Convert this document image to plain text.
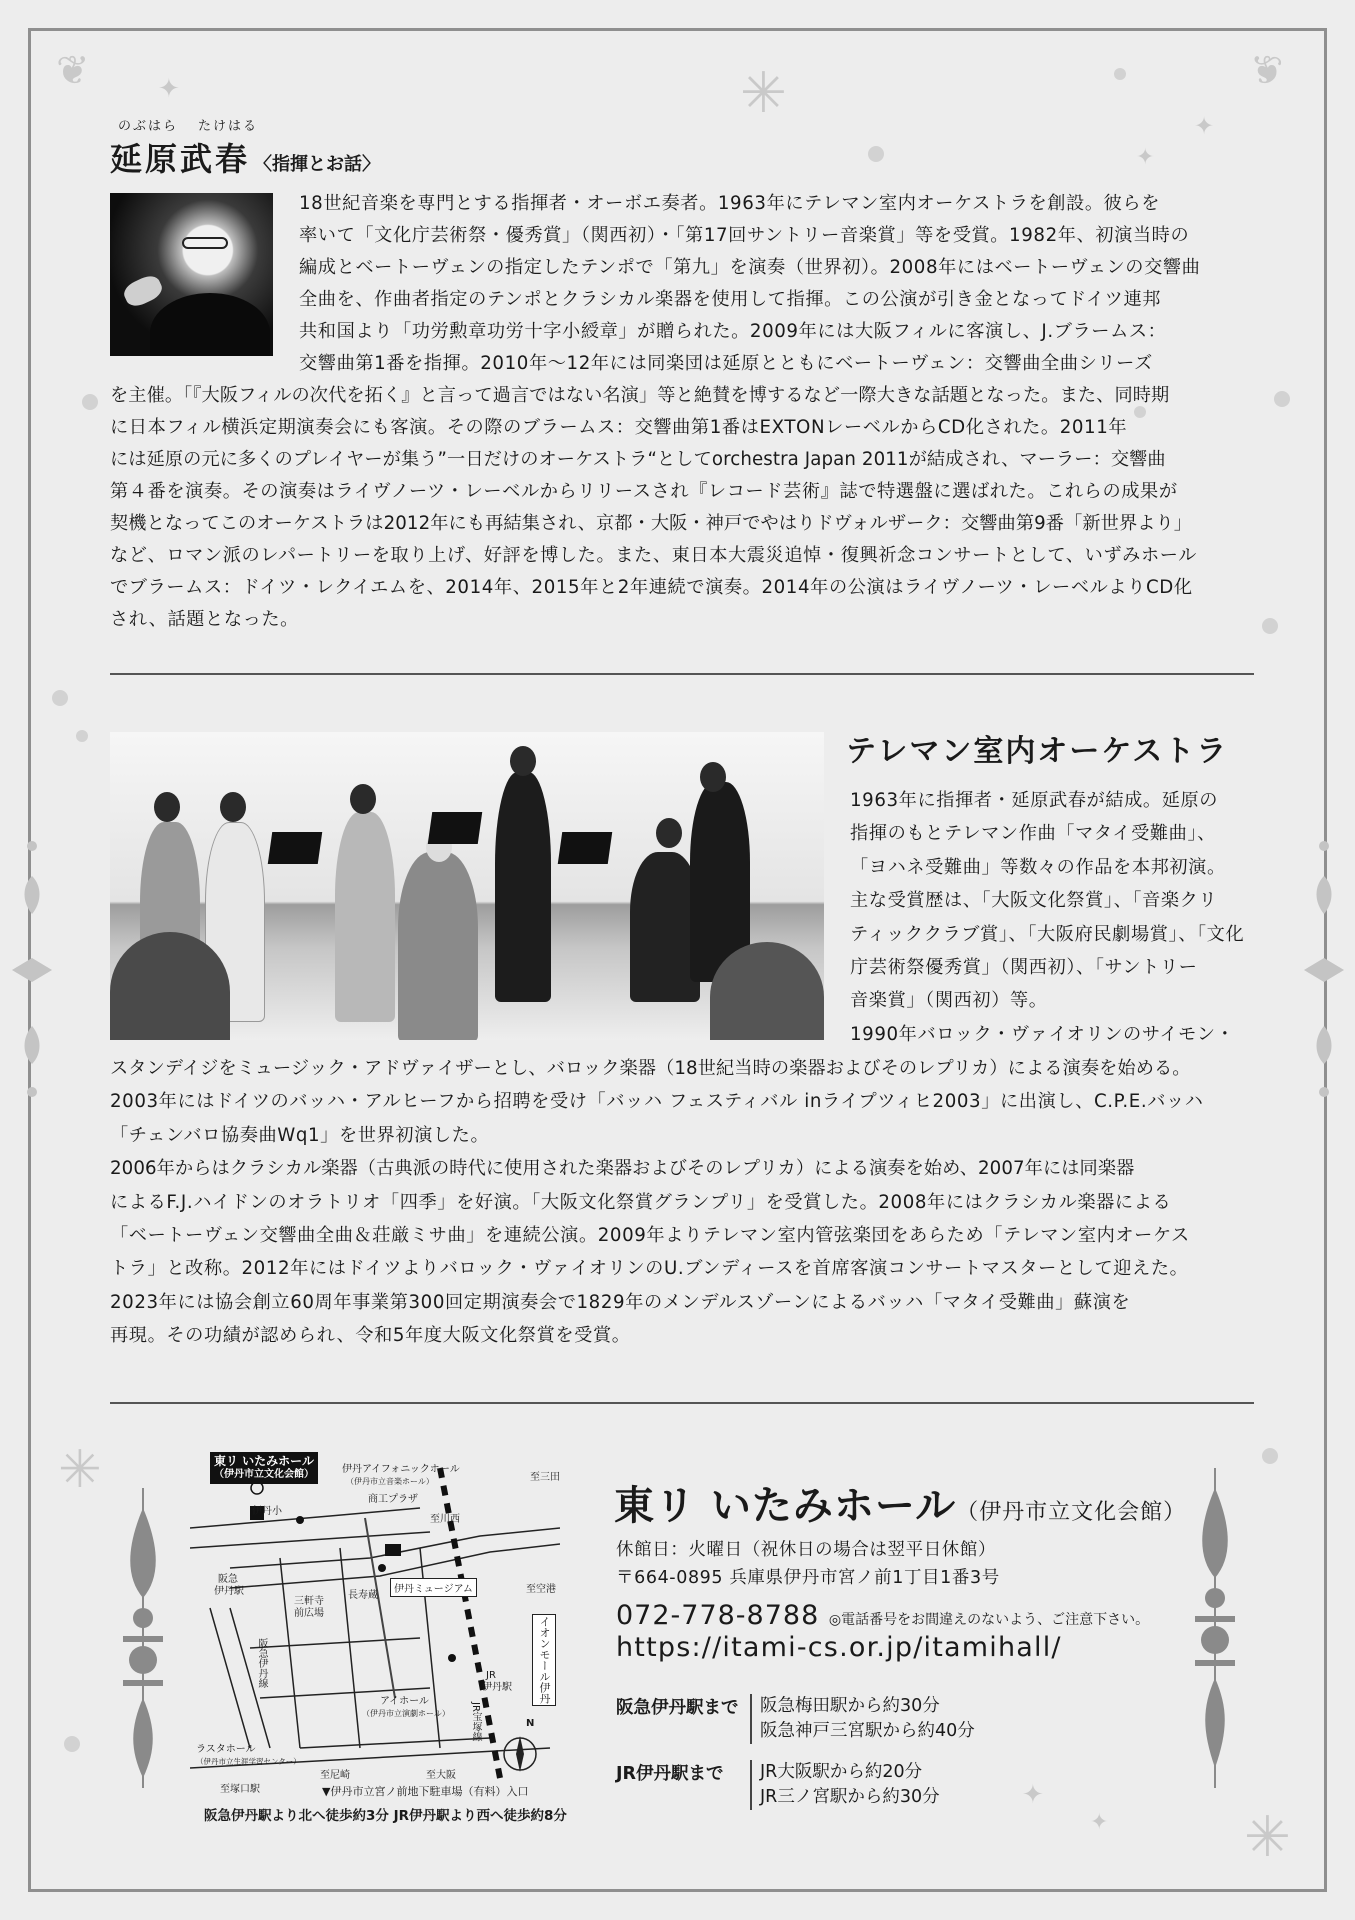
✳
✳
✳
✦
✦
✦
✦
✦
❦	❦
のぶはら たけはる
延原武春 〈指揮とお話〉
18世紀音楽を専門とする指揮者・オーボエ奏者。1963年にテレマン室内オーケストラを創設。彼らを
率いて「文化庁芸術祭・優秀賞」（関西初）・「第17回サントリー音楽賞」等を受賞。1982年、初演当時の
編成とベートーヴェンの指定したテンポで「第九」を演奏（世界初）。2008年にはベートーヴェンの交響曲
全曲を、作曲者指定のテンポとクラシカル楽器を使用して指揮。この公演が引き金となってドイツ連邦
共和国より「功労勲章功労十字小綬章」が贈られた。2009年には大阪フィルに客演し、J.ブラームス：
交響曲第1番を指揮。2010年〜12年には同楽団は延原とともにベートーヴェン：交響曲全曲シリーズ
を主催。「『大阪フィルの次代を拓く』と言って過言ではない名演」等と絶賛を博するなど一際大きな話題となった。また、同時期
に日本フィル横浜定期演奏会にも客演。その際のブラームス：交響曲第1番はEXTONレーベルからCD化された。2011年
には延原の元に多くのプレイヤーが集う”一日だけのオーケストラ“としてorchestra Japan 2011が結成され、マーラー：交響曲
第４番を演奏。その演奏はライヴノーツ・レーベルからリリースされ『レコード芸術』誌で特選盤に選ばれた。これらの成果が
契機となってこのオーケストラは2012年にも再結集され、京都・大阪・神戸でやはりドヴォルザーク：交響曲第9番「新世界より」
など、ロマン派のレパートリーを取り上げ、好評を博した。また、東日本大震災追悼・復興祈念コンサートとして、いずみホール
でブラームス：ドイツ・レクイエムを、2014年、2015年と2年連続で演奏。2014年の公演はライヴノーツ・レーベルよりCD化
され、話題となった。
テレマン室内オーケストラ
1963年に指揮者・延原武春が結成。延原の
指揮のもとテレマン作曲「マタイ受難曲」、
「ヨハネ受難曲」等数々の作品を本邦初演。
主な受賞歴は、「大阪文化祭賞」、「音楽クリ
ティッククラブ賞」、「大阪府民劇場賞」、「文化
庁芸術祭優秀賞」（関西初）、「サントリー
音楽賞」（関西初）等。
1990年バロック・ヴァイオリンのサイモン・
スタンデイジをミュージック・アドヴァイザーとし、バロック楽器（18世紀当時の楽器およびそのレプリカ）による演奏を始める。
2003年にはドイツのバッハ・アルヒーフから招聘を受け「バッハ フェスティバル inライプツィヒ2003」に出演し、C.P.E.バッハ
「チェンバロ協奏曲Wq1」を世界初演した。
2006年からはクラシカル楽器（古典派の時代に使用された楽器およびそのレプリカ）による演奏を始め、2007年には同楽器
によるF.J.ハイドンのオラトリオ「四季」を好演。「大阪文化祭賞グランプリ」を受賞した。2008年にはクラシカル楽器による
「ベートーヴェン交響曲全曲＆荘厳ミサ曲」を連続公演。2009年よりテレマン室内管弦楽団をあらため「テレマン室内オーケス
トラ」と改称。2012年にはドイツよりバロック・ヴァイオリンのU.ブンディースを首席客演コンサートマスターとして迎えた。
2023年には協会創立60周年事業第300回定期演奏会で1829年のメンデルスゾーンによるバッハ「マタイ受難曲」蘇演を
再現。その功績が認められ、令和5年度大阪文化祭賞を受賞。
東リ いたみホール
（伊丹市立文化会館）	伊丹アイフォニックホール
（伊丹市立音楽ホール）
商工プラザ
伊丹小
至川西
至三田
至空港
阪急
伊丹駅
三軒寺
前広場
長寿蔵
伊丹ミュージアム
イオンモール伊丹
阪急伊丹線	JR
伊丹駅
アイホール
（伊丹市立演劇ホール） JR宝塚線
ラスタホール
（伊丹市立生涯学習センター）
至尼崎	至大阪
至塚口駅	▼伊丹市立宮ノ前地下駐車場（有料）入口
N
阪急伊丹駅より北へ徒歩約3分 JR伊丹駅より西へ徒歩約8分
東リ いたみホール（伊丹市立文化会館）
休館日：火曜日（祝休日の場合は翌平日休館）
〒664-0895 兵庫県伊丹市宮ノ前1丁目1番3号
072-778-8788 ◎電話番号をお間違えのないよう、ご注意下さい。
https://itami-cs.or.jp/itamihall/
阪急伊丹駅まで 阪急梅田駅から約30分
阪急神戸三宮駅から約40分
JR伊丹駅まで JR大阪駅から約20分
JR三ノ宮駅から約30分
